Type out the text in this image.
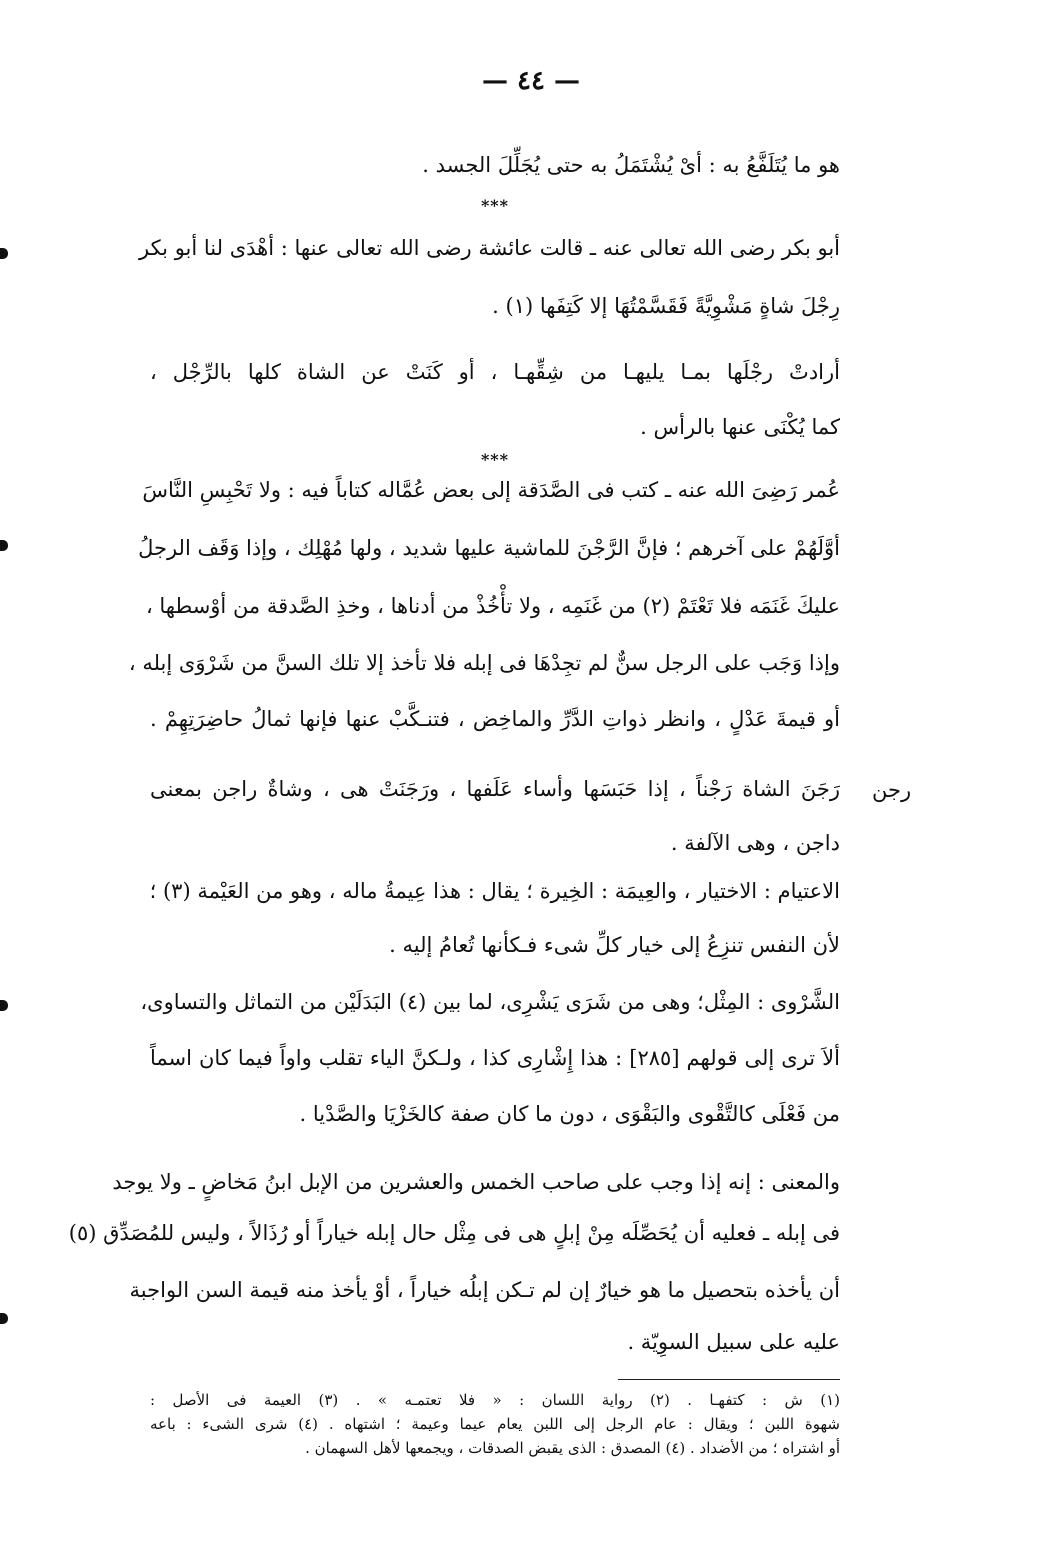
— ٤٤ —
هو ما يُتَلَفَّعُ به : أىْ يُشْتَمَلُ به حتى يُجَلِّلَ الجسد .
***
أبو بكر رضى الله تعالى عنه ـ قالت عائشة رضى الله تعالى عنها : أهْدَى لنا أبو بكر
رِجْلَ شاةٍ مَشْوِيَّةً فَقَسَّمْتُهَا إلا كَتِفَها (١) .
أرادتْ رجْلَها بمـا يليهـا من شِقِّهـا ، أو كَنَتْ عن الشاة كلها بالرِّجْل ،
كما يُكْنَى عنها بالرأس .
***
عُمر رَضِىَ الله عنه ـ كتب فى الصَّدَقة إلى بعض عُمَّاله كتاباً فيه : ولا تَحْبِسِ النَّاسَ
أوَّلَهُمْ على آخرهم ؛ فإنَّ الرَّجْنَ للماشية عليها شديد ، ولها مُهْلِك ، وإذا وَقَف الرجلُ
عليكَ غَنَمَه فلا تَعْتَمْ (٢) من غَنَمِه ، ولا تأْخُذْ من أدناها ، وخذِ الصَّدقة من أوْسطها ،
وإذا وَجَب على الرجل سنٌّ لم تجِدْهَا فى إبله فلا تأخذ إلا تلك السنَّ من شَرْوَى إبله ،
أو قيمةَ عَدْلٍ ، وانظر ذواتِ الدَّرِّ والماخِض ، فتنـكَّبْ عنها فإنها ثمالُ حاضِرَتِهِمْ .
رَجَنَ الشاة رَجْناً ، إذا حَبَسَها وأساء عَلَفها ، ورَجَنَتْ هى ، وشاةٌ راجن بمعنى
داجن ، وهى الآلفة .
رجن
الاعتيام : الاختيار ، والعِيمَة : الخِيرة ؛ يقال : هذا عِيمةُ ماله ، وهو من العَيْمة (٣) ؛
لأن النفس تنزِعُ إلى خيار كلِّ شىء فـكأنها تُعامُ إليه .
الشَّرْوى : المِثْل؛ وهى من شَرَى يَشْرِى، لما بين (٤) البَدَلَيْن من التماثل والتساوى،
ألاَ ترى إلى قولهم [٢٨٥] : هذا إِشْارِى كذا ، ولـكنَّ الياء تقلب واواً فيما كان اسماً
من فَعْلَى كالتَّقْوى والبَقْوَى ، دون ما كان صفة كالخَزْيَا والصَّدْيا .
والمعنى : إنه إذا وجب على صاحب الخمس والعشرين من الإبل ابنُ مَخاضٍ ـ ولا يوجد
فى إبله ـ فعليه أن يُحَصِّلَه مِنْ إبلٍ هى فى مِثْل حال إبله خياراً أو رُذَالاً ، وليس للمُصَدِّق (٥)
أن يأخذه بتحصيل ما هو خيارٌ إن لم تـكن إبلُه خياراً ، أوْ يأخذ منه قيمة السن الواجبة
عليه على سبيل السوِيّة .
(١) ش : كتفهـا . (٢) رواية اللسان : « فلا تعتمـه » . (٣) العيمة فى الأصل :
شهوة اللبن ؛ ويقال : عام الرجل إلى اللبن يعام عيما وعيمة ؛ اشتهاه . (٤) شرى الشىء : باعه
أو اشتراه ؛ من الأضداد . (٤) المصدق : الذى يقبض الصدقات ، ويجمعها لأهل السهمان .
